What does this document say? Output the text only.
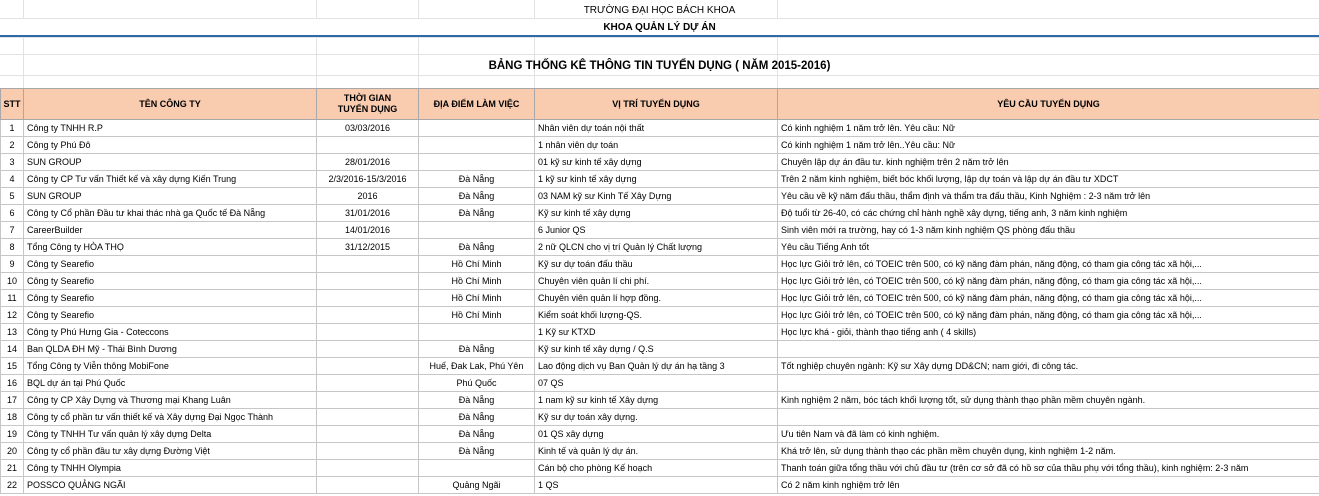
TRƯỜNG ĐẠI HỌC BÁCH KHOA
KHOA QUẢN LÝ DỰ ÁN
BẢNG THỐNG KÊ THÔNG TIN TUYỂN DỤNG ( NĂM 2015-2016)
STT	TÊN CÔNG TY	THỜI GIAN TUYỂN DỤNG	ĐỊA ĐIỂM LÀM VIỆC	VỊ TRÍ TUYỂN DỤNG	YÊU CẦU TUYỂN DỤNG
1	Công ty TNHH R.P	03/03/2016		Nhân viên dự toán nội thất	Có kinh nghiệm 1 năm trở lên. Yêu cầu: Nữ
2	Công ty Phú Đô			1 nhân viên dự toán	Có kinh nghiệm 1 năm trở lên..Yêu cầu: Nữ
3	SUN GROUP	28/01/2016		01 kỹ sư kinh tế xây dựng	Chuyên lập dự án đầu tư. kinh nghiệm trên 2 năm trở lên
4	Công ty CP Tư vấn Thiết kế và xây dựng Kiến Trung	2/3/2016-15/3/2016	Đà Nẵng	1 kỹ sư kinh tế xây dựng	Trên 2 năm kinh nghiệm, biết bóc khối lượng, lập dự toán và lập dự án đầu tư XDCT
5	SUN GROUP	2016	Đà Nẵng	03 NAM kỹ sư Kinh Tế Xây Dựng	Yêu cầu về kỹ năm đấu thầu, thẩm định và thẩm tra đấu thầu, Kinh Nghiệm : 2-3 năm trở lên
6	Công ty Cổ phần Đầu tư khai thác nhà ga Quốc tế Đà Nẵng	31/01/2016	Đà Nẵng	Kỹ sư kinh tế xây dựng	Độ tuổi từ 26-40, có các chứng chỉ hành nghề xây dựng, tiếng anh, 3 năm kinh nghiệm
7	CareerBuilder	14/01/2016		6 Junior QS	Sinh viên mới ra trường, hay có 1-3 năm kinh nghiệm QS phòng đấu thầu
8	Tổng Công ty HÒA THỌ	31/12/2015	Đà Nẵng	2 nữ QLCN cho vị trí Quản lý Chất lượng	Yêu cầu Tiếng Anh tốt
9	Công ty Searefio		Hồ Chí Minh	Kỹ sư dự toán đấu thầu	Học lực Giỏi trở lên, có TOEIC trên 500, có kỹ năng đàm phán, năng động, có tham gia công tác xã hội,...
10	Công ty Searefio		Hồ Chí Minh	Chuyên viên quản lí chi phí.	Học lực Giỏi trở lên, có TOEIC trên 500, có kỹ năng đàm phán, năng động, có tham gia công tác xã hội,...
11	Công ty Searefio		Hồ Chí Minh	Chuyên viên quản lí hợp đồng.	Học lực Giỏi trở lên, có TOEIC trên 500, có kỹ năng đàm phán, năng động, có tham gia công tác xã hội,...
12	Công ty Searefio		Hồ Chí Minh	Kiểm soát khối lượng-QS.	Học lực Giỏi trở lên, có TOEIC trên 500, có kỹ năng đàm phán, năng động, có tham gia công tác xã hội,...
13	Công ty Phú Hưng Gia - Coteccons			1 Kỹ sư KTXD	Học lực khá - giỏi, thành thạo tiếng anh ( 4 skills)
14	Ban QLDA ĐH Mỹ - Thái Bình Dương		Đà Nẵng	Kỹ sư kinh tế xây dựng / Q.S	
15	Tổng Công ty Viễn thông MobiFone		Huế, Đak Lak, Phú Yên	Lao động dịch vụ Ban Quản lý dự án hạ tầng 3	Tốt nghiệp chuyên ngành: Kỹ sư Xây dựng DD&CN; nam giới, đi công tác.
16	BQL dự án tại Phú Quốc		Phú Quốc	07 QS	
17	Công ty CP Xây Dựng và Thương mại Khang Luân		Đà Nẵng	1 nam kỹ sư kinh tế Xây dựng	Kinh nghiệm 2 năm, bóc tách khối lượng tốt, sử dụng thành thạo phần mềm chuyên ngành.
18	Công ty cổ phần tư vấn thiết kế và Xây dựng Đại Ngọc Thành		Đà Nẵng	Kỹ sư dự toán xây dựng.	
19	Công ty TNHH Tư vấn quản lý xây dựng Delta		Đà Nẵng	01 QS xây dựng	Ưu tiên Nam và đã làm có kinh nghiệm.
20	Công ty cổ phần đầu tư xây dựng Đường Việt		Đà Nẵng	Kinh tế và quản lý dự án.	Khá trở lên, sử dụng thành thạo các phần mềm chuyên dụng, kinh nghiệm 1-2 năm.
21	Công ty TNHH Olympia			Cán bộ cho phòng Kế hoạch	Thanh toán giữa tổng thầu với chủ đầu tư (trên cơ sở đã có hồ sơ của thầu phụ với tổng thầu), kinh nghiệm: 2-3 năm
22	POSSCO QUẢNG NGÃI		Quảng Ngãi	1 QS	Có 2 năm kinh nghiệm trở lên
